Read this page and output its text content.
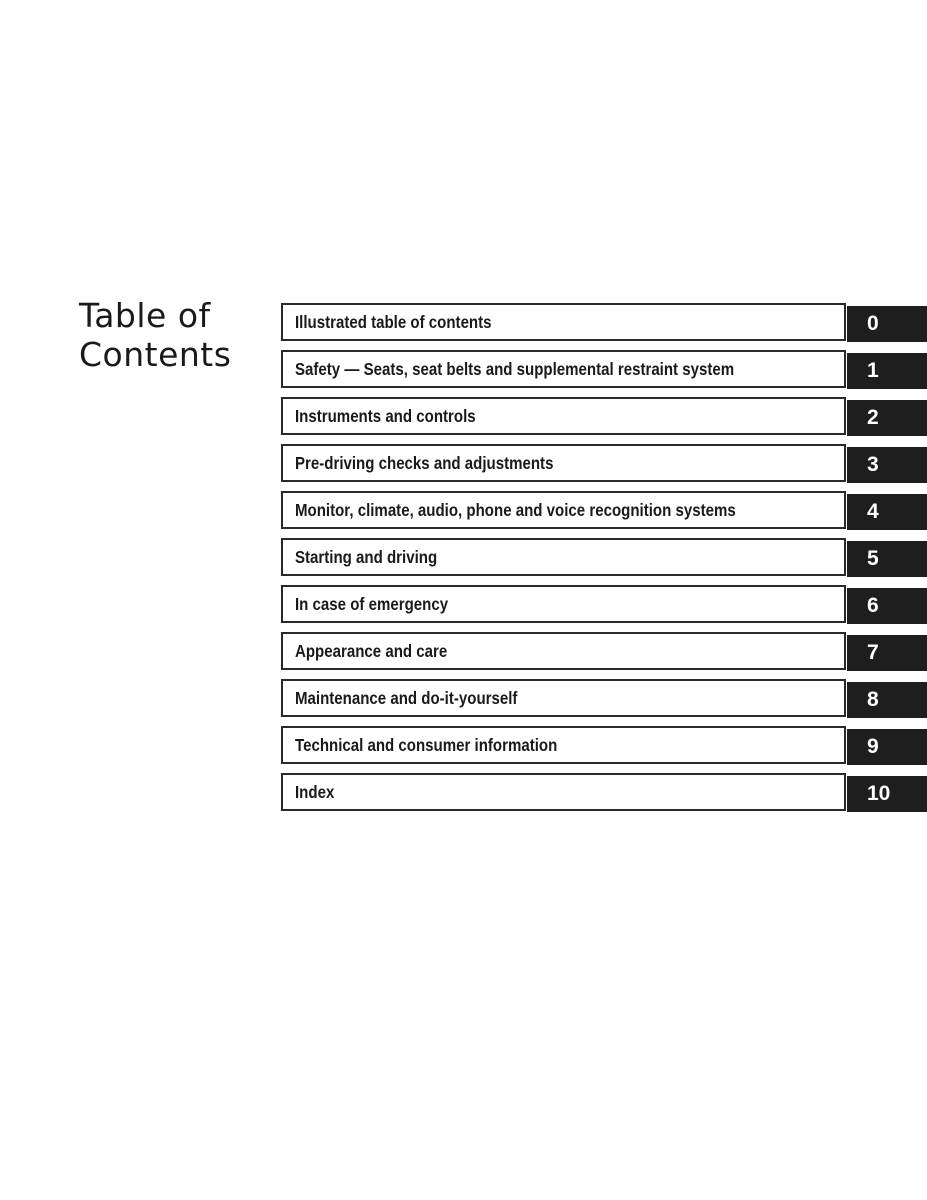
Table of
Contents
Illustrated table of contents	0
Safety — Seats, seat belts and supplemental restraint system	1
Instruments and controls	2
Pre-driving checks and adjustments	3
Monitor, climate, audio, phone and voice recognition systems	4
Starting and driving	5
In case of emergency	6
Appearance and care	7
Maintenance and do-it-yourself	8
Technical and consumer information	9
Index	10
